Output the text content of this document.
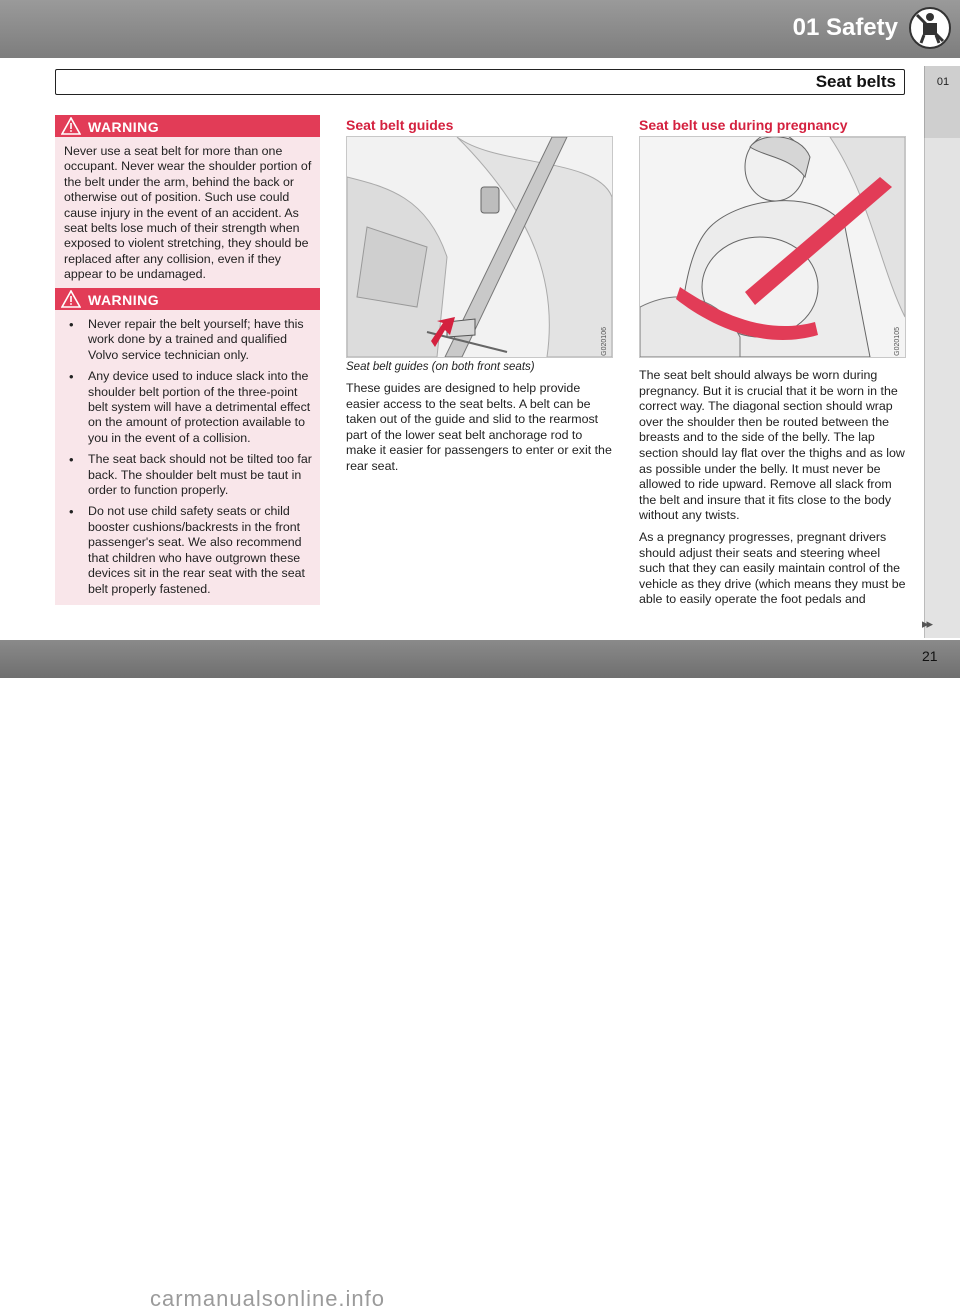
01 Safety
Seat belts	01
WARNING
Never use a seat belt for more than one occupant. Never wear the shoulder portion of the belt under the arm, behind the back or otherwise out of position. Such use could cause injury in the event of an accident. As seat belts lose much of their strength when exposed to violent stretching, they should be replaced after any collision, even if they appear to be undamaged.
WARNING
• Never repair the belt yourself; have this work done by a trained and qualified Volvo service technician only.
• Any device used to induce slack into the shoulder belt portion of the three-point belt system will have a detrimental effect on the amount of protection available to you in the event of a collision.
• The seat back should not be tilted too far back. The shoulder belt must be taut in order to function properly.
• Do not use child safety seats or child booster cushions/backrests in the front passenger's seat. We also recommend that children who have outgrown these devices sit in the rear seat with the seat belt properly fastened.
Seat belt guides
G020106
Seat belt guides (on both front seats)

These guides are designed to help provide easier access to the seat belts. A belt can be taken out of the guide and slid to the rearmost part of the lower seat belt anchorage rod to make it easier for passengers to enter or exit the rear seat.

Seat belt use during pregnancy
G020105

The seat belt should always be worn during pregnancy. But it is crucial that it be worn in the correct way. The diagonal section should wrap over the shoulder then be routed between the breasts and to the side of the belly. The lap section should lay flat over the thighs and as low as possible under the belly. It must never be allowed to ride upward. Remove all slack from the belt and insure that it fits close to the body without any twists.

As a pregnancy progresses, pregnant drivers should adjust their seats and steering wheel such that they can easily maintain control of the vehicle as they drive (which means they must be able to easily operate the foot pedals and

carmanualsonline.info
▸▸
21
